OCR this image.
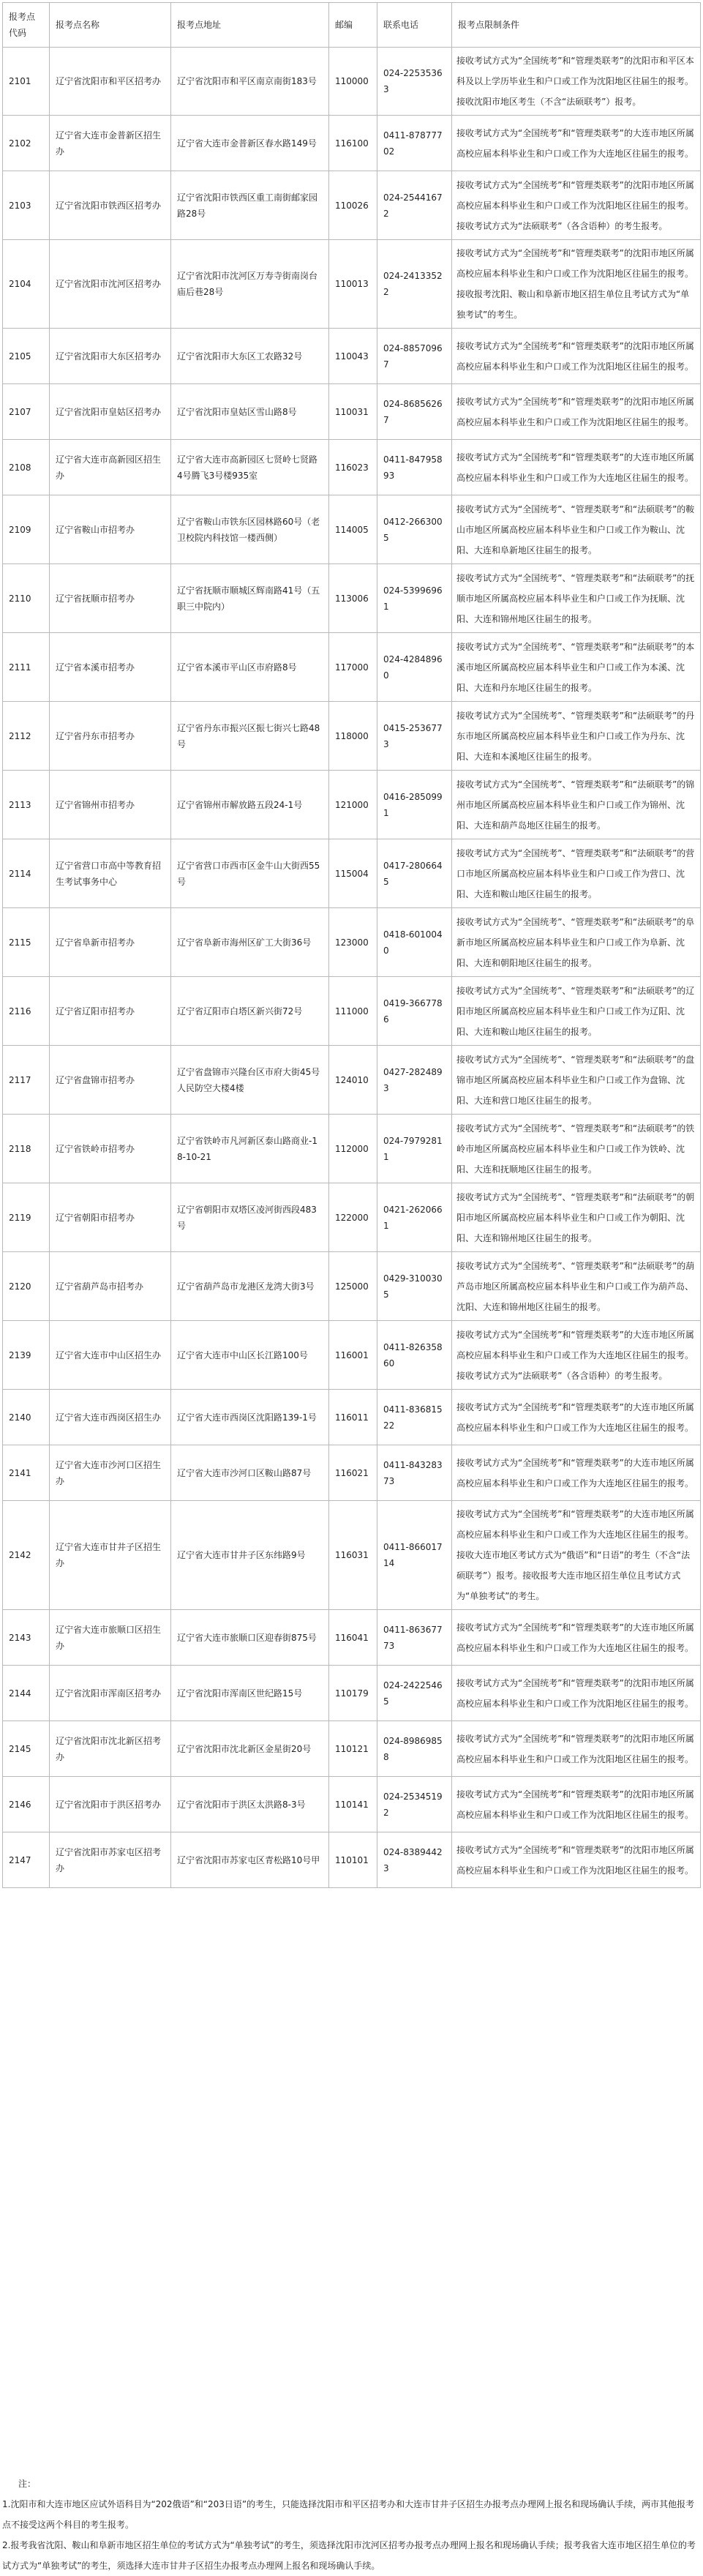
报考点代码	报考点名称	报考点地址	邮编	联系电话	报考点限制条件
2101	辽宁省沈阳市和平区招考办	辽宁省沈阳市和平区南京南街183号	110000	024-22535363	接收考试方式为“全国统考”和“管理类联考”的沈阳市和平区本科及以上学历毕业生和户口或工作为沈阳地区往届生的报考。接收沈阳市地区考生（不含“法硕联考”）报考。
2102	辽宁省大连市金普新区招生办	辽宁省大连市金普新区春水路149号	116100	0411-87877702	接收考试方式为“全国统考”和“管理类联考”的大连市地区所属高校应届本科毕业生和户口或工作为大连地区往届生的报考。
2103	辽宁省沈阳市铁西区招考办	辽宁省沈阳市铁西区重工南街邮家园路28号	110026	024-25441672	接收考试方式为“全国统考”和“管理类联考”的沈阳市地区所属高校应届本科毕业生和户口或工作为沈阳地区往届生的报考。接收考试方式为“法硕联考”（各含语种）的考生报考。
2104	辽宁省沈阳市沈河区招考办	辽宁省沈阳市沈河区万寿寺街南岗台庙后巷28号	110013	024-24133522	接收考试方式为“全国统考”和“管理类联考”的沈阳市地区所属高校应届本科毕业生和户口或工作为沈阳地区往届生的报考。接收报考沈阳、鞍山和阜新市地区招生单位且考试方式为“单独考试”的考生。
2105	辽宁省沈阳市大东区招考办	辽宁省沈阳市大东区工农路32号	110043	024-88570967	接收考试方式为“全国统考”和“管理类联考”的沈阳市地区所属高校应届本科毕业生和户口或工作为沈阳地区往届生的报考。
2107	辽宁省沈阳市皇姑区招考办	辽宁省沈阳市皇姑区雪山路8号	110031	024-86856267	接收考试方式为“全国统考”和“管理类联考”的沈阳市地区所属高校应届本科毕业生和户口或工作为沈阳地区往届生的报考。
2108	辽宁省大连市高新园区招生办	辽宁省大连市高新园区七贤岭七贤路4号腾飞3号楼935室	116023	0411-84795893	接收考试方式为“全国统考”和“管理类联考”的大连市地区所属高校应届本科毕业生和户口或工作为大连地区往届生的报考。
2109	辽宁省鞍山市招考办	辽宁省鞍山市铁东区园林路60号（老卫校院内科技馆一楼西侧）	114005	0412-2663005	接收考试方式为“全国统考”、“管理类联考”和“法硕联考”的鞍山市地区所属高校应届本科毕业生和户口或工作为鞍山、沈阳、大连和阜新地区往届生的报考。
2110	辽宁省抚顺市招考办	辽宁省抚顺市顺城区辉南路41号（五职三中院内）	113006	024-53996961	接收考试方式为“全国统考”、“管理类联考”和“法硕联考”的抚顺市地区所属高校应届本科毕业生和户口或工作为抚顺、沈阳、大连和锦州地区往届生的报考。
2111	辽宁省本溪市招考办	辽宁省本溪市平山区市府路8号	117000	024-42848960	接收考试方式为“全国统考”、“管理类联考”和“法硕联考”的本溪市地区所属高校应届本科毕业生和户口或工作为本溪、沈阳、大连和丹东地区往届生的报考。
2112	辽宁省丹东市招考办	辽宁省丹东市振兴区振七街兴七路48号	118000	0415-2536773	接收考试方式为“全国统考”、“管理类联考”和“法硕联考”的丹东市地区所属高校应届本科毕业生和户口或工作为丹东、沈阳、大连和本溪地区往届生的报考。
2113	辽宁省锦州市招考办	辽宁省锦州市解放路五段24-1号	121000	0416-2850991	接收考试方式为“全国统考”、“管理类联考”和“法硕联考”的锦州市地区所属高校应届本科毕业生和户口或工作为锦州、沈阳、大连和葫芦岛地区往届生的报考。
2114	辽宁省营口市高中等教育招生考试事务中心	辽宁省营口市西市区金牛山大街西55号	115004	0417-2806645	接收考试方式为“全国统考”、“管理类联考”和“法硕联考”的营口市地区所属高校应届本科毕业生和户口或工作为营口、沈阳、大连和鞍山地区往届生的报考。
2115	辽宁省阜新市招考办	辽宁省阜新市海州区矿工大街36号	123000	0418-6010040	接收考试方式为“全国统考”、“管理类联考”和“法硕联考”的阜新市地区所属高校应届本科毕业生和户口或工作为阜新、沈阳、大连和朝阳地区往届生的报考。
2116	辽宁省辽阳市招考办	辽宁省辽阳市白塔区新兴街72号	111000	0419-3667786	接收考试方式为“全国统考”、“管理类联考”和“法硕联考”的辽阳市地区所属高校应届本科毕业生和户口或工作为辽阳、沈阳、大连和鞍山地区往届生的报考。
2117	辽宁省盘锦市招考办	辽宁省盘锦市兴隆台区市府大街45号人民防空大楼4楼	124010	0427-2824893	接收考试方式为“全国统考”、“管理类联考”和“法硕联考”的盘锦市地区所属高校应届本科毕业生和户口或工作为盘锦、沈阳、大连和营口地区往届生的报考。
2118	辽宁省铁岭市招考办	辽宁省铁岭市凡河新区泰山路商业-18-10-21	112000	024-79792811	接收考试方式为“全国统考”、“管理类联考”和“法硕联考”的铁岭市地区所属高校应届本科毕业生和户口或工作为铁岭、沈阳、大连和抚顺地区往届生的报考。
2119	辽宁省朝阳市招考办	辽宁省朝阳市双塔区凌河街西段483号	122000	0421-2620661	接收考试方式为“全国统考”、“管理类联考”和“法硕联考”的朝阳市地区所属高校应届本科毕业生和户口或工作为朝阳、沈阳、大连和锦州地区往届生的报考。
2120	辽宁省葫芦岛市招考办	辽宁省葫芦岛市龙港区龙湾大街3号	125000	0429-3100305	接收考试方式为“全国统考”、“管理类联考”和“法硕联考”的葫芦岛市地区所属高校应届本科毕业生和户口或工作为葫芦岛、沈阳、大连和锦州地区往届生的报考。
2139	辽宁省大连市中山区招生办	辽宁省大连市中山区长江路100号	116001	0411-82635860	接收考试方式为“全国统考”和“管理类联考”的大连市地区所属高校应届本科毕业生和户口或工作为大连地区往届生的报考。接收考试方式为“法硕联考”（各含语种）的考生报考。
2140	辽宁省大连市西岗区招生办	辽宁省大连市西岗区沈阳路139-1号	116011	0411-83681522	接收考试方式为“全国统考”和“管理类联考”的大连市地区所属高校应届本科毕业生和户口或工作为大连地区往届生的报考。
2141	辽宁省大连市沙河口区招生办	辽宁省大连市沙河口区鞍山路87号	116021	0411-84328373	接收考试方式为“全国统考”和“管理类联考”的大连市地区所属高校应届本科毕业生和户口或工作为大连地区往届生的报考。
2142	辽宁省大连市甘井子区招生办	辽宁省大连市甘井子区东纬路9号	116031	0411-86601714	接收考试方式为“全国统考”和“管理类联考”的大连市地区所属高校应届本科毕业生和户口或工作为大连地区往届生的报考。接收大连市地区考试方式为“俄语”和“日语”的考生（不含“法硕联考”）报考。接收报考大连市地区招生单位且考试方式为“单独考试”的考生。
2143	辽宁省大连市旅顺口区招生办	辽宁省大连市旅顺口区迎春街875号	116041	0411-86367773	接收考试方式为“全国统考”和“管理类联考”的大连市地区所属高校应届本科毕业生和户口或工作为大连地区往届生的报考。
2144	辽宁省沈阳市浑南区招考办	辽宁省沈阳市浑南区世纪路15号	110179	024-24225465	接收考试方式为“全国统考”和“管理类联考”的沈阳市地区所属高校应届本科毕业生和户口或工作为沈阳地区往届生的报考。
2145	辽宁省沈阳市沈北新区招考办	辽宁省沈阳市沈北新区金星街20号	110121	024-89869858	接收考试方式为“全国统考”和“管理类联考”的沈阳市地区所属高校应届本科毕业生和户口或工作为沈阳地区往届生的报考。
2146	辽宁省沈阳市于洪区招考办	辽宁省沈阳市于洪区太洪路8-3号	110141	024-25345192	接收考试方式为“全国统考”和“管理类联考”的沈阳市地区所属高校应届本科毕业生和户口或工作为沈阳地区往届生的报考。
2147	辽宁省沈阳市苏家屯区招考办	辽宁省沈阳市苏家屯区青松路10号甲	110101	024-83894423	接收考试方式为“全国统考”和“管理类联考”的沈阳市地区所属高校应届本科毕业生和户口或工作为沈阳地区往届生的报考。
注：
1.沈阳市和大连市地区应试外语科目为“202俄语”和“203日语”的考生，只能选择沈阳市和平区招考办和大连市甘井子区招生办报考点办理网上报名和现场确认手续，两市其他报考点不接受这两个科目的考生报考。
2.报考我省沈阳、鞍山和阜新市地区招生单位的考试方式为“单独考试”的考生，须选择沈阳市沈河区招考办报考点办理网上报名和现场确认手续；报考我省大连市地区招生单位的考试方式为“单独考试”的考生，须选择大连市甘井子区招生办报考点办理网上报名和现场确认手续。
